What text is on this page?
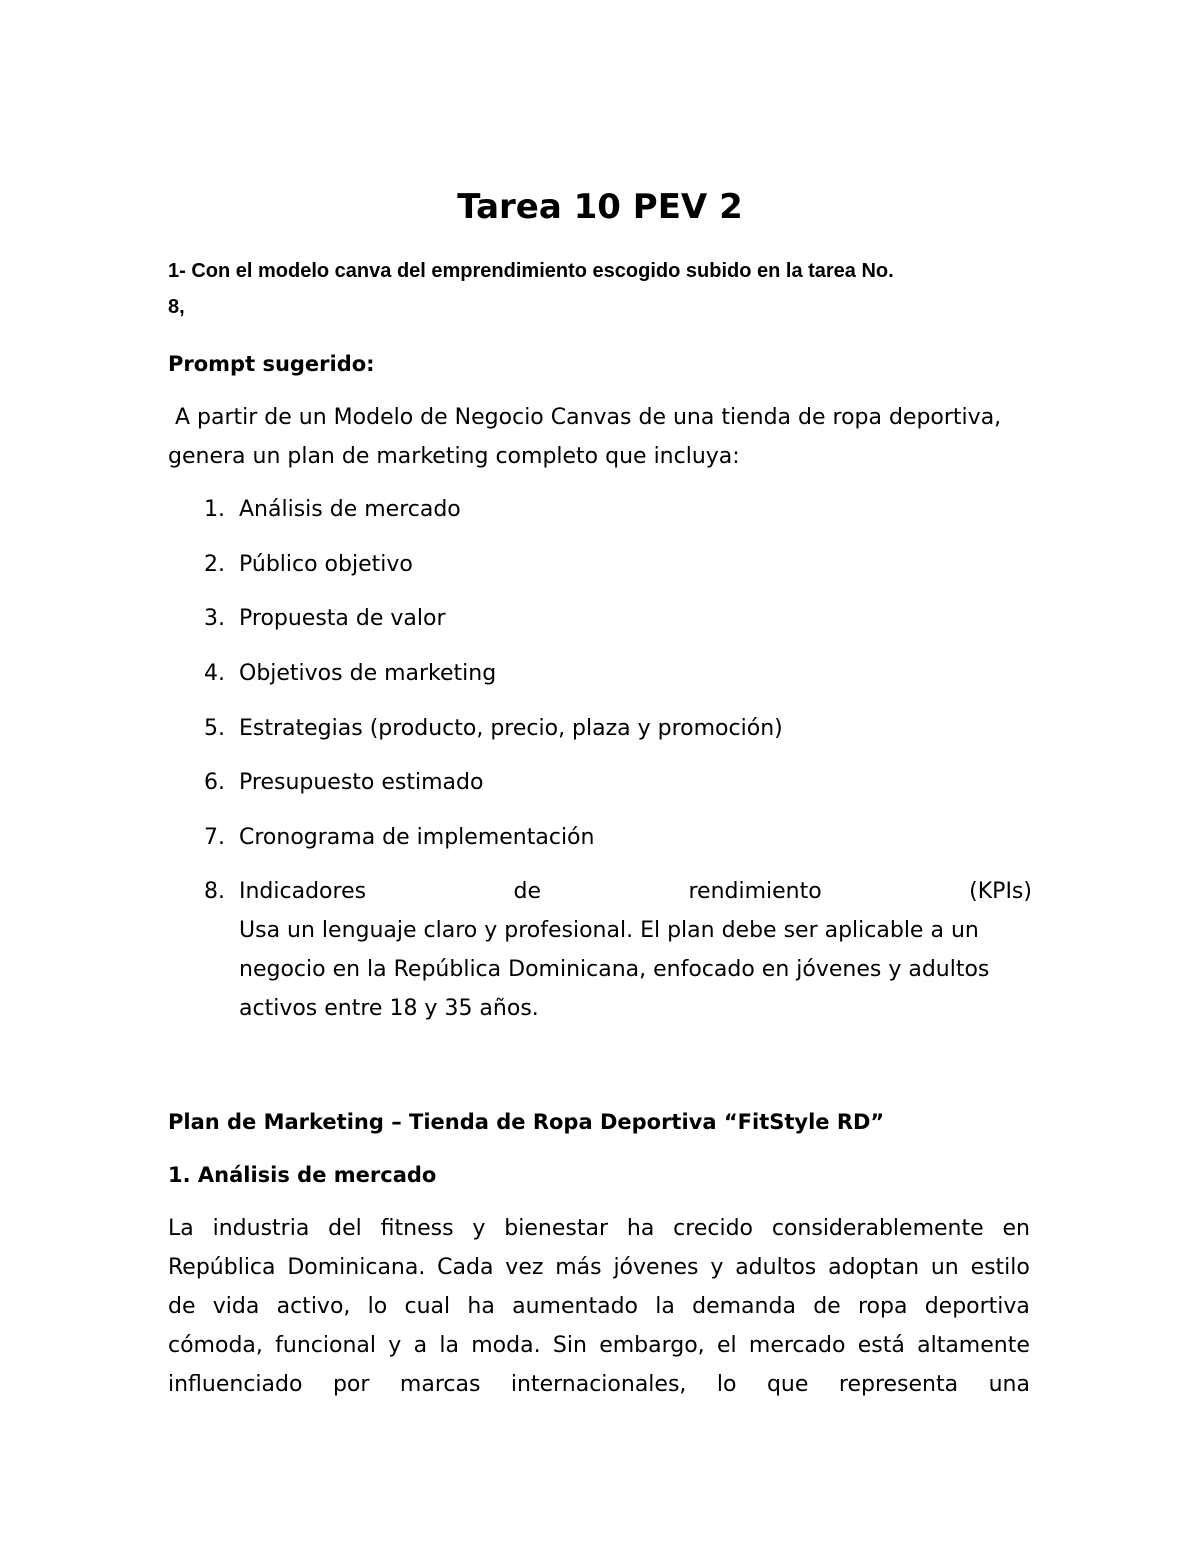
Tarea 10 PEV 2

1- Con el modelo canva del emprendimiento escogido subido en la tarea No.

8,

Prompt sugerido:

A partir de un Modelo de Negocio Canvas de una tienda de ropa deportiva,

genera un plan de marketing completo que incluya:

1. Análisis de mercado
2. Público objetivo
3. Propuesta de valor
4. Objetivos de marketing
5. Estrategias (producto, precio, plaza y promoción)
6. Presupuesto estimado
7. Cronograma de implementación
8. Indicadores	de	rendimiento	(KPIs)

Usa un lenguaje claro y profesional. El plan debe ser aplicable a un

negocio en la República Dominicana, enfocado en jóvenes y adultos

activos entre 18 y 35 años.

Plan de Marketing – Tienda de Ropa Deportiva “FitStyle RD”
1. Análisis de mercado
La industria del fitness y bienestar ha crecido considerablemente en
República Dominicana. Cada vez más jóvenes y adultos adoptan un estilo
de vida activo, lo cual ha aumentado la demanda de ropa deportiva
cómoda, funcional y a la moda. Sin embargo, el mercado está altamente
influenciado por marcas internacionales, lo que representa una
